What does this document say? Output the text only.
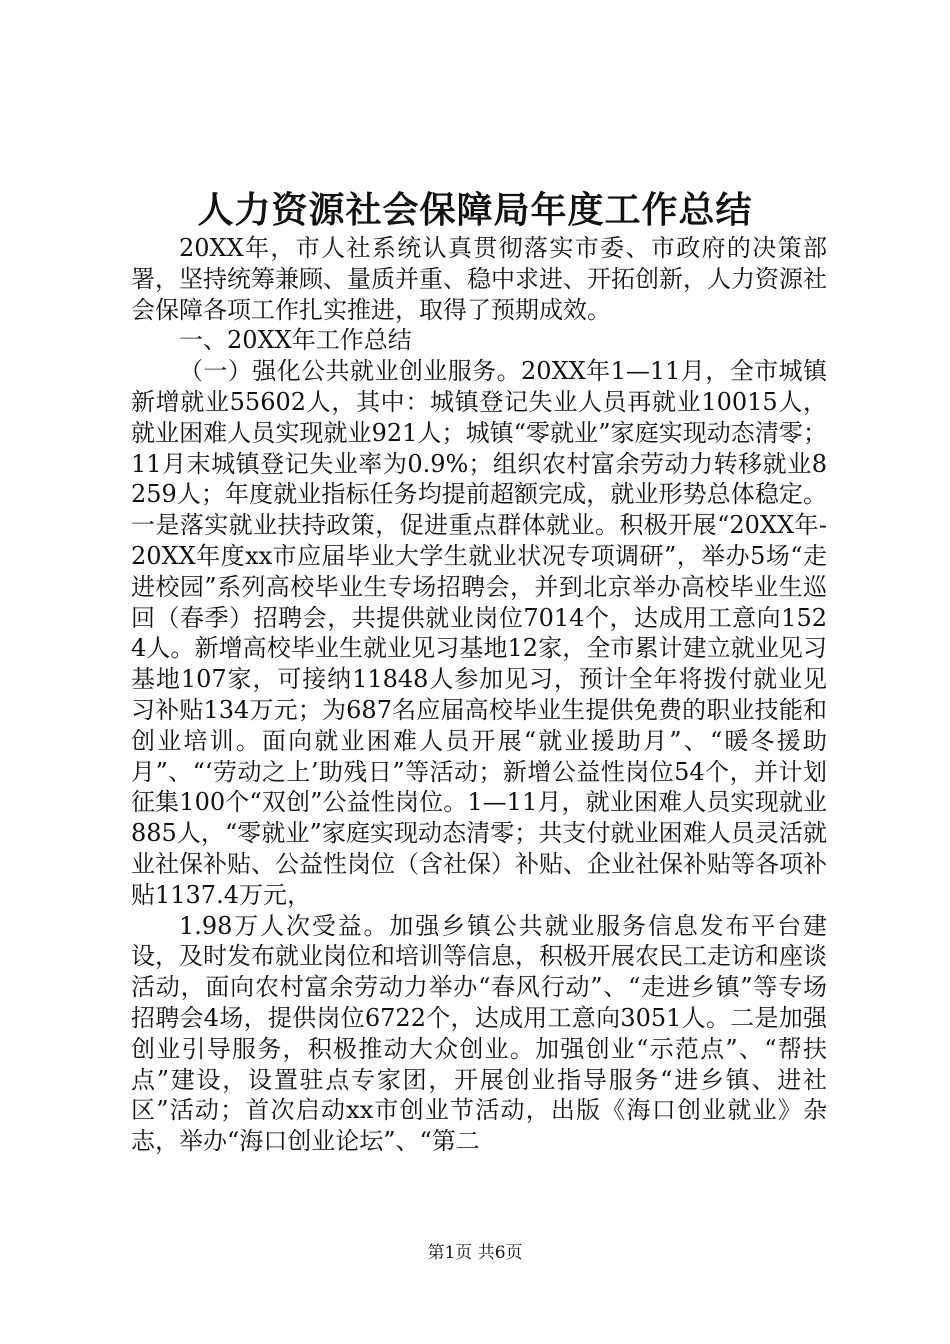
人力资源社会保障局年度工作总结

20XX年，市人社系统认真贯彻落实市委、市政府的决策部署，坚持统筹兼顾、量质并重、稳中求进、开拓创新，人力资源社会保障各项工作扎实推进，取得了预期成效。

一、20XX年工作总结

（一）强化公共就业创业服务。20XX年1—11月，全市城镇新增就业55602人，其中：城镇登记失业人员再就业10015人，就业困难人员实现就业921人；城镇“零就业”家庭实现动态清零；11月末城镇登记失业率为0.9%；组织农村富余劳动力转移就业8259人；年度就业指标任务均提前超额完成，就业形势总体稳定。一是落实就业扶持政策，促进重点群体就业。积极开展“20XX年-20XX年度xx市应届毕业大学生就业状况专项调研”，举办5场“走进校园”系列高校毕业生专场招聘会，并到北京举办高校毕业生巡回（春季）招聘会，共提供就业岗位7014个，达成用工意向1524人。新增高校毕业生就业见习基地12家，全市累计建立就业见习基地107家，可接纳11848人参加见习，预计全年将拨付就业见习补贴134万元；为687名应届高校毕业生提供免费的职业技能和创业培训。面向就业困难人员开展“就业援助月”、“暖冬援助月”、“‘劳动之上’助残日”等活动；新增公益性岗位54个，并计划征集100个“双创”公益性岗位。1—11月，就业困难人员实现就业885人，“零就业”家庭实现动态清零；共支付就业困难人员灵活就业社保补贴、公益性岗位（含社保）补贴、企业社保补贴等各项补贴1137.4万元，

1.98万人次受益。加强乡镇公共就业服务信息发布平台建设，及时发布就业岗位和培训等信息，积极开展农民工走访和座谈活动，面向农村富余劳动力举办“春风行动”、“走进乡镇”等专场招聘会4场，提供岗位6722个，达成用工意向3051人。二是加强创业引导服务，积极推动大众创业。加强创业“示范点”、“帮扶点”建设，设置驻点专家团，开展创业指导服务“进乡镇、进社区”活动；首次启动xx市创业节活动，出版《海口创业就业》杂志，举办“海口创业论坛”、“第二

第1页 共6页
